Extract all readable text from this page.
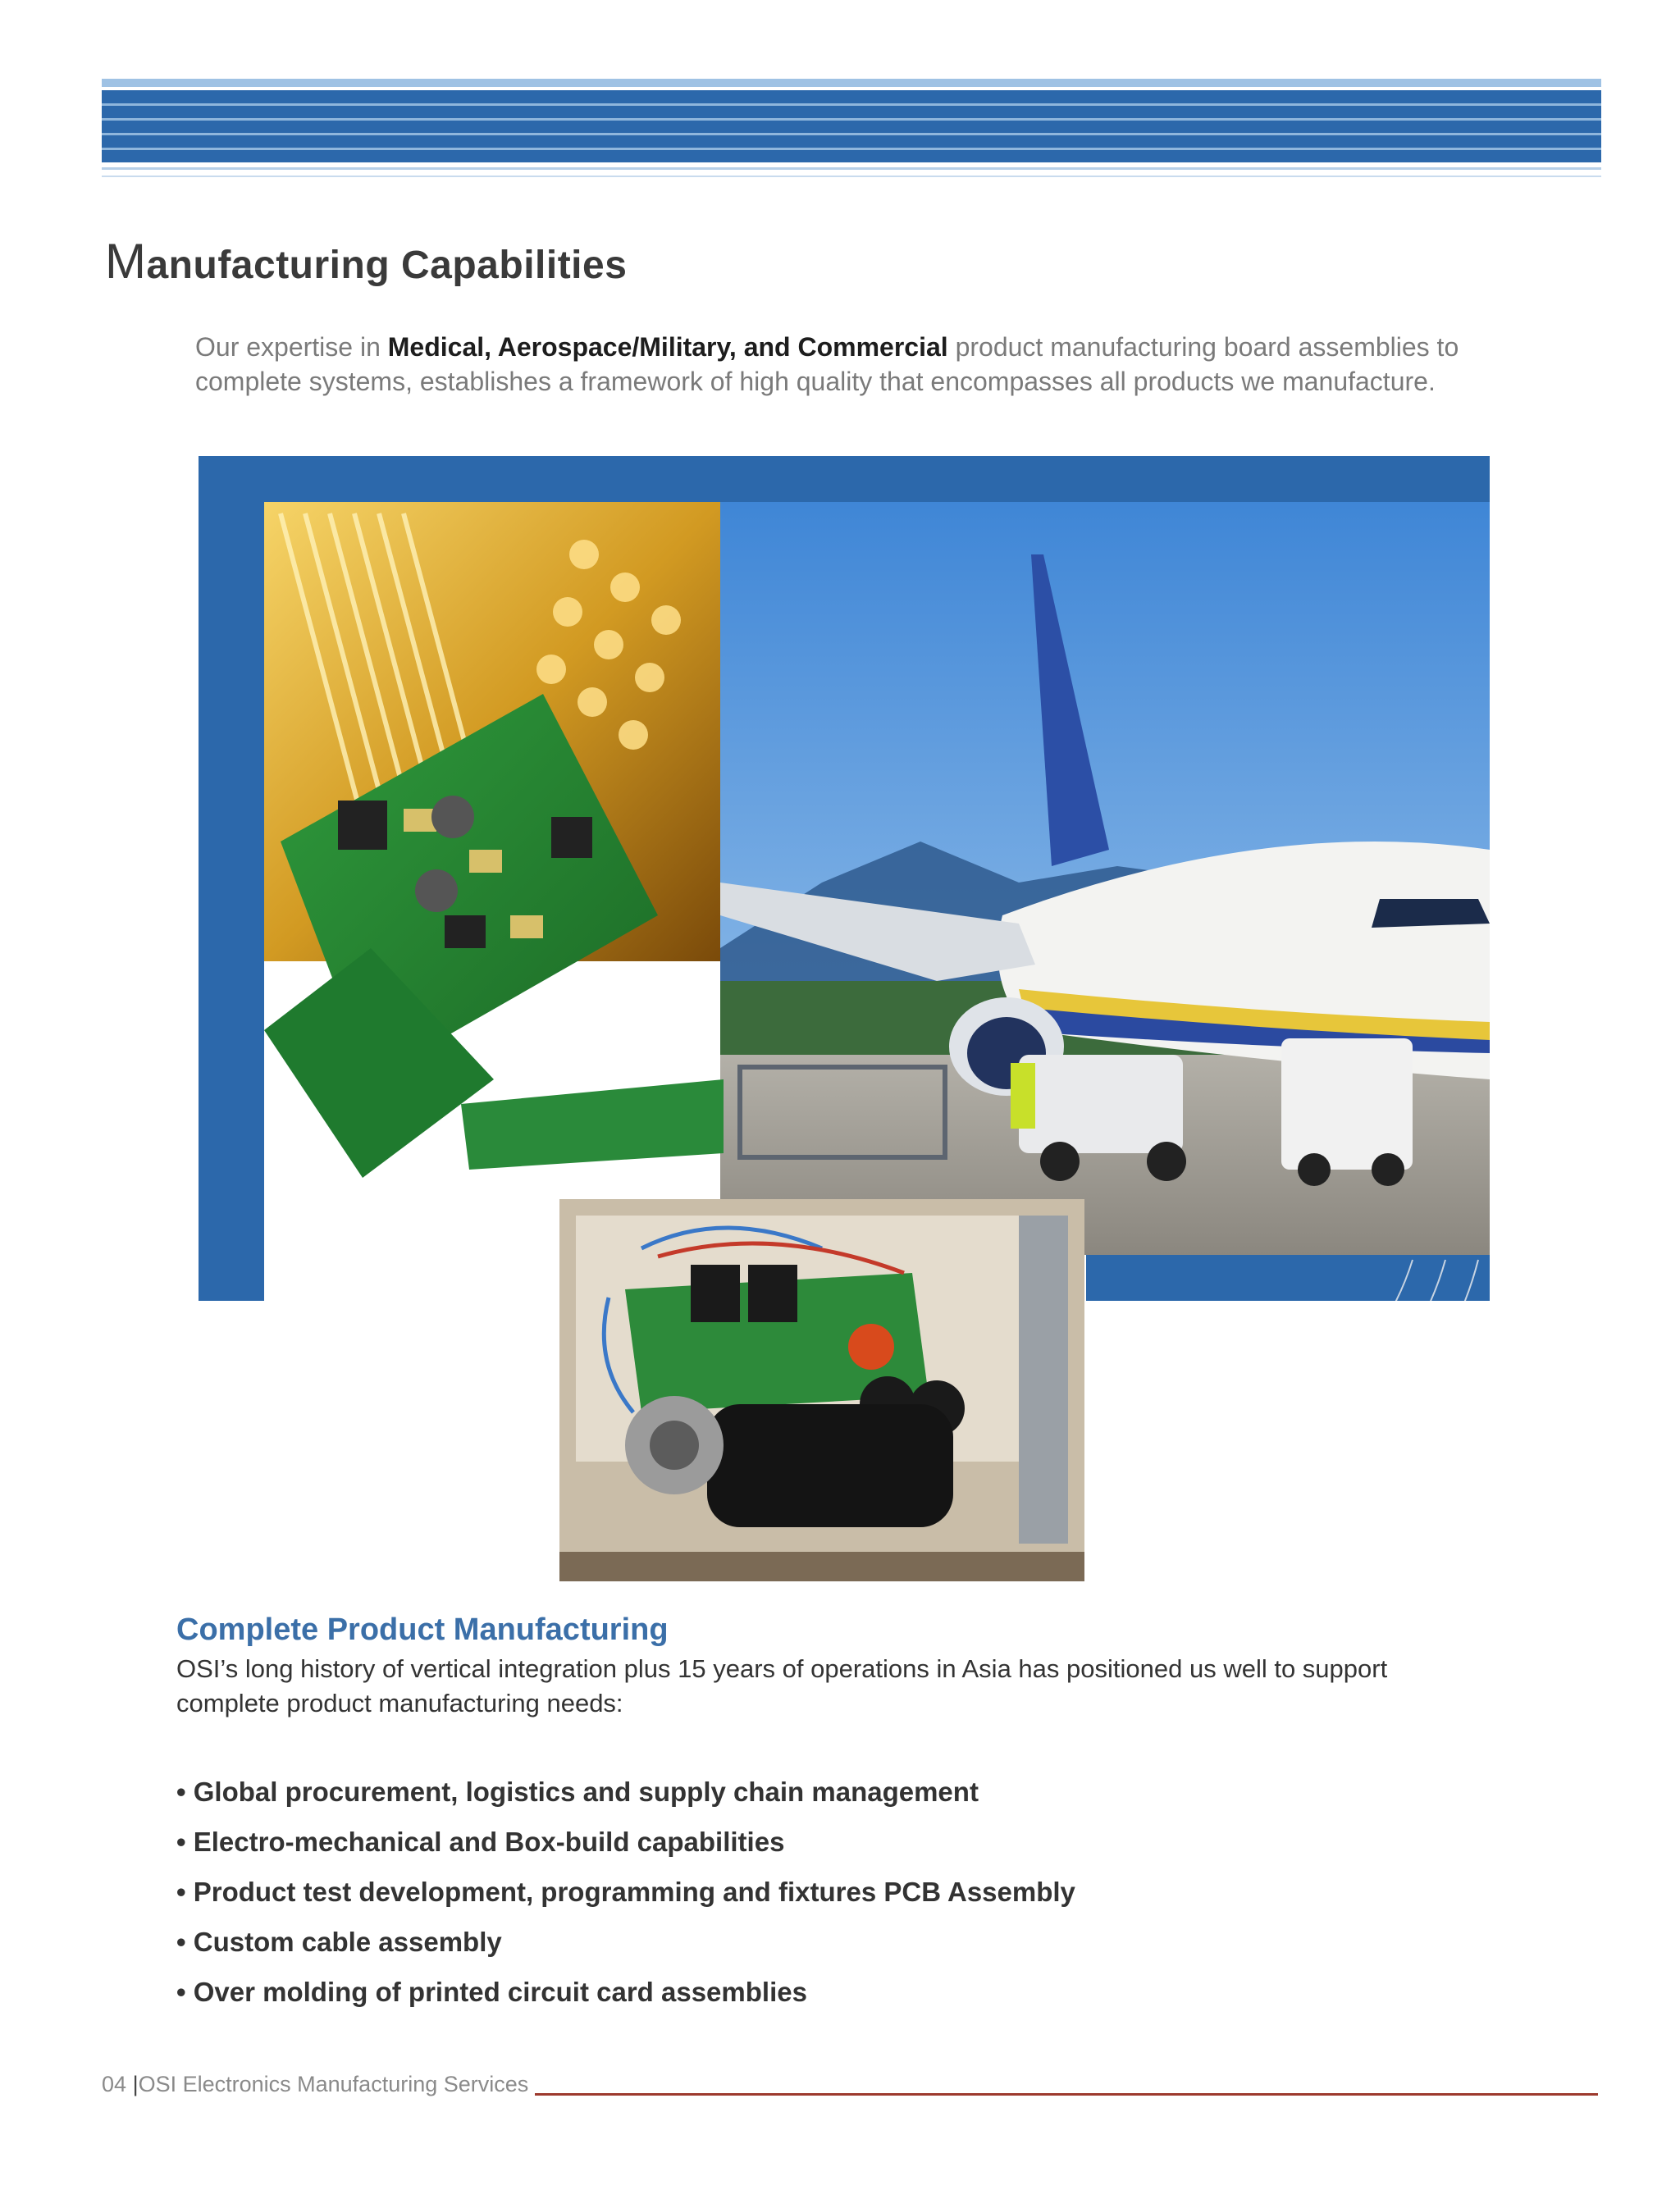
Manufacturing Capabilities
Our expertise in Medical, Aerospace/Military, and Commercial product manufacturing board assemblies to complete systems, establishes a framework of high quality that encompasses all products we manufacture.
Complete Product Manufacturing
OSI’s long history of vertical integration plus 15 years of operations in Asia has positioned us well to support complete product manufacturing needs:
• Global procurement, logistics and supply chain management
• Electro-mechanical and Box-build capabilities
• Product test development, programming and fixtures PCB Assembly
• Custom cable assembly
• Over molding of printed circuit card assemblies
04 |OSI Electronics Manufacturing Services
